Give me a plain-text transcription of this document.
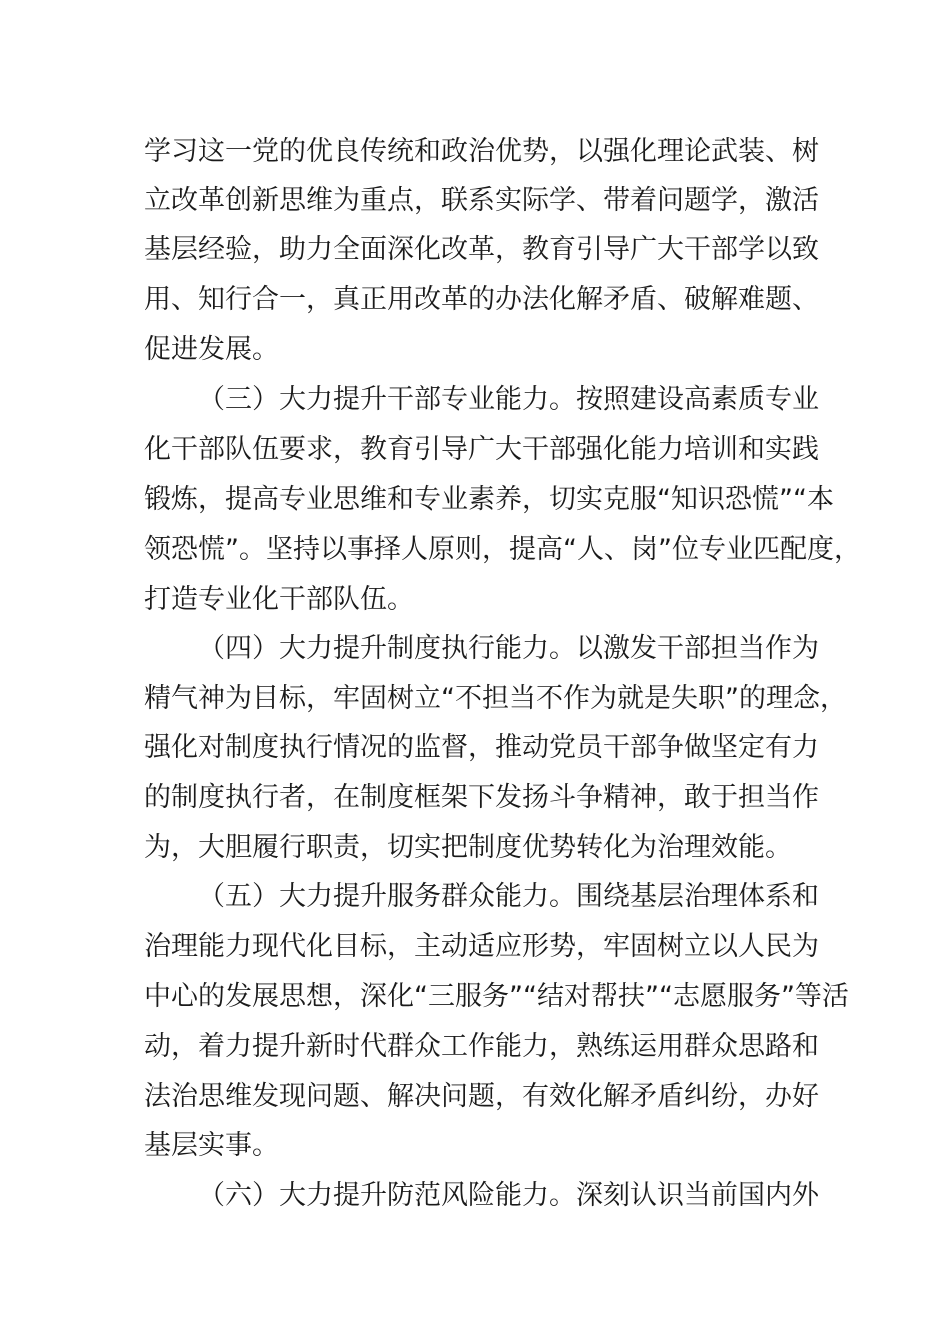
学习这一党的优良传统和政治优势，以强化理论武装、树
立改革创新思维为重点，联系实际学、带着问题学，激活
基层经验，助力全面深化改革，教育引导广大干部学以致
用、知行合一，真正用改革的办法化解矛盾、破解难题、
促进发展。
（三）大力提升干部专业能力。按照建设高素质专业
化干部队伍要求，教育引导广大干部强化能力培训和实践
锻炼，提高专业思维和专业素养，切实克服“知识恐慌”“本
领恐慌”。坚持以事择人原则，提高“人、岗”位专业匹配度，
打造专业化干部队伍。
（四）大力提升制度执行能力。以激发干部担当作为
精气神为目标，牢固树立“不担当不作为就是失职”的理念，
强化对制度执行情况的监督，推动党员干部争做坚定有力
的制度执行者，在制度框架下发扬斗争精神，敢于担当作
为，大胆履行职责，切实把制度优势转化为治理效能。
（五）大力提升服务群众能力。围绕基层治理体系和
治理能力现代化目标，主动适应形势，牢固树立以人民为
中心的发展思想，深化“三服务”“结对帮扶”“志愿服务”等活
动，着力提升新时代群众工作能力，熟练运用群众思路和
法治思维发现问题、解决问题，有效化解矛盾纠纷，办好
基层实事。
（六）大力提升防范风险能力。深刻认识当前国内外
